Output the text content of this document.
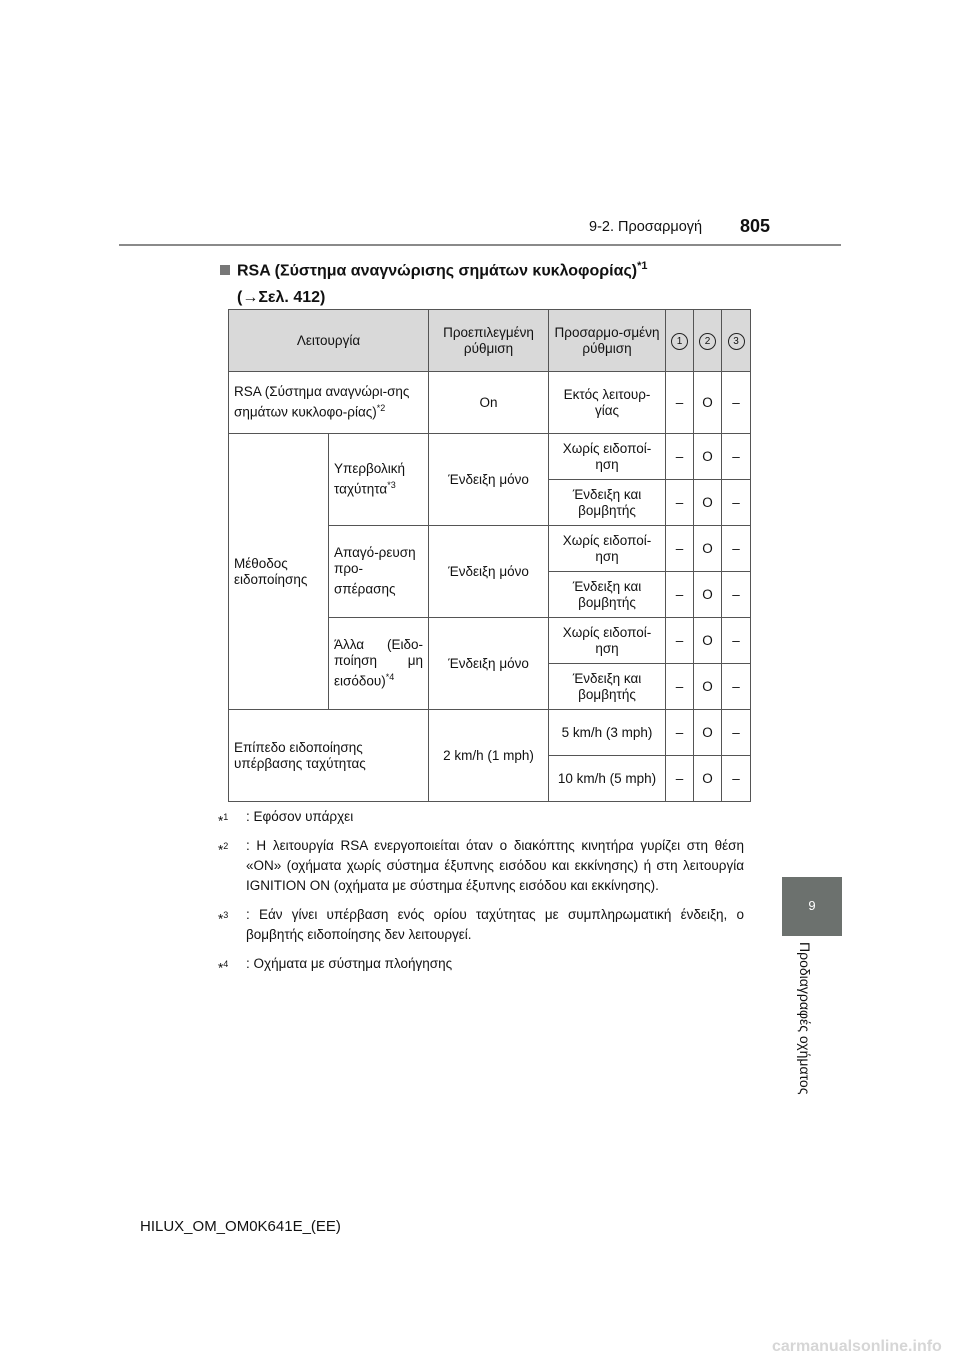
9-2. Προσαρμογή 805
9
Προδιαγραφές οχήματος
RSA (Σύστημα αναγνώρισης σημάτων κυκλοφορίας)$^{*1}$
(→Σελ. 412)
Λειτουργία		Προεπιλεγμένη ρύθμιση	Προσαρμο-σμένη ρύθμιση	1	2	3
RSA (Σύστημα αναγνώρι-σης σημάτων κυκλοφο-ρίας)$^{*2}$		On	Εκτός λειτουρ-γίας	–	O	–
Μέθοδος ειδοποίησης	Υπερβολική ταχύτητα$^{*3}$	Ένδειξη μόνο	Χωρίς ειδοποί-ηση	–	O	–
			Ένδειξη και βομβητής	–	O	–
	Απαγό-ρευση προ-σπέρασης	Ένδειξη μόνο	Χωρίς ειδοποί-ηση	–	O	–
			Ένδειξη και βομβητής	–	O	–
	Άλλα (Ειδο-ποίηση μη εισόδου)$^{*4}$	Ένδειξη μόνο	Χωρίς ειδοποί-ηση	–	O	–
			Ένδειξη και βομβητής	–	O	–
Επίπεδο ειδοποίησης υπέρβασης ταχύτητας		2 km/h (1 mph)	5 km/h (3 mph)	–	O	–
			10 km/h (5 mph)	–	O	–
*$^1$ : Εφόσον υπάρχει
*$^2$ : Η λειτουργία RSA ενεργοποιείται όταν ο διακόπτης κινητήρα γυρίζει στη θέση «ON» (οχήματα χωρίς σύστημα έξυπνης εισόδου και εκκίνησης) ή στη λειτουργία IGNITION ON (οχήματα με σύστημα έξυπνης εισόδου και εκκίνησης).
*$^3$ : Εάν γίνει υπέρβαση ενός ορίου ταχύτητας με συμπληρωματική ένδειξη, ο βομβητής ειδοποίησης δεν λειτουργεί.
*$^4$ : Οχήματα με σύστημα πλοήγησης
HILUX_OM_OM0K641E_(EE)
carmanualsonline.info
